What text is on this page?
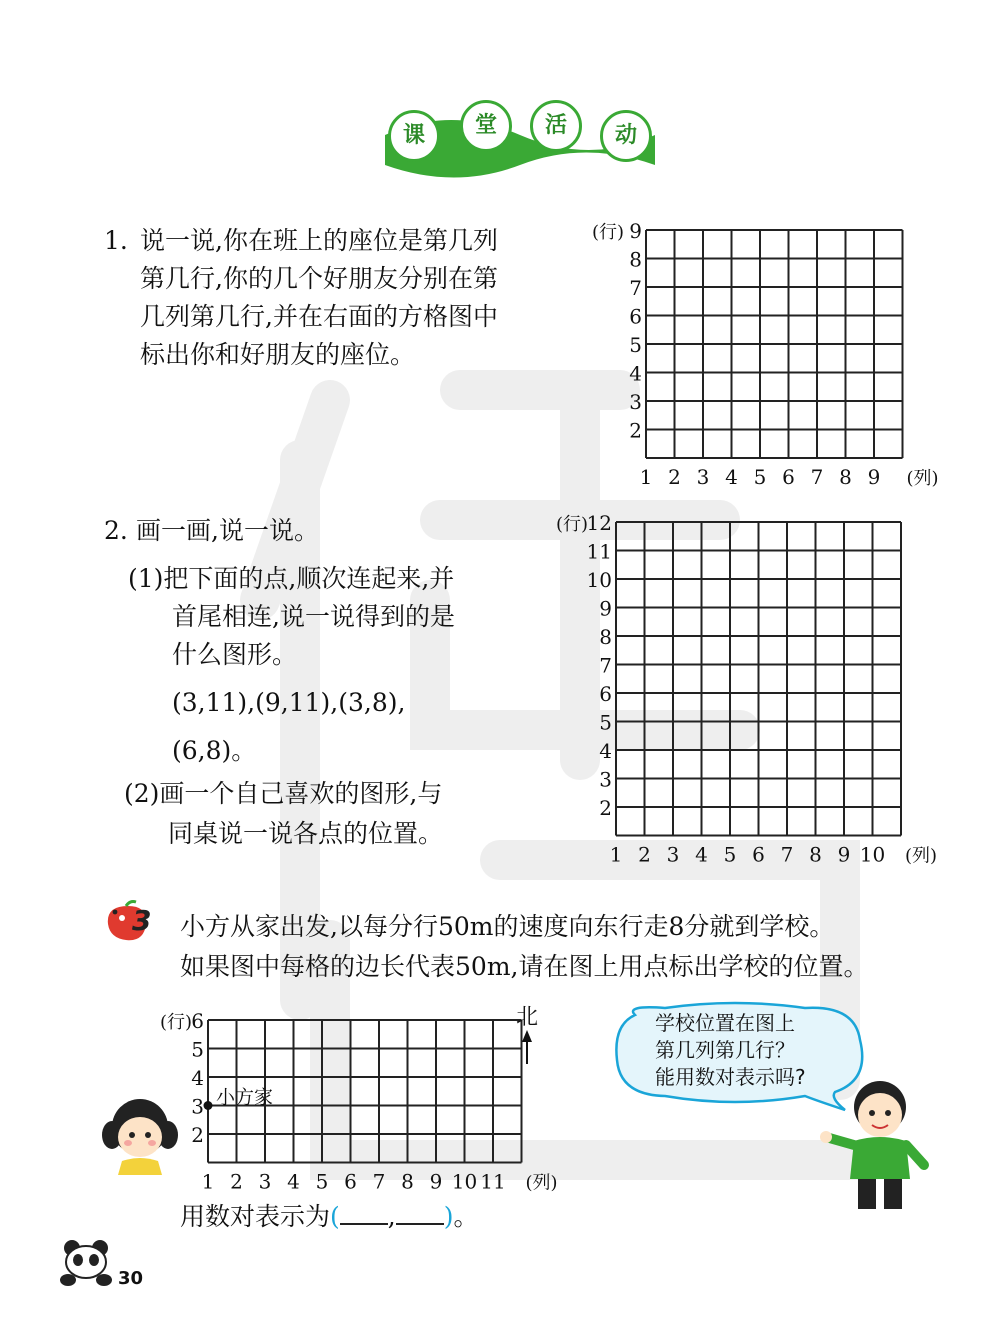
课	堂	活	动
1. 说一说,你在班上的座位是第几列
第几行,你的几个好朋友分别在第
几列第几行,并在右面的方格图中
标出你和好朋友的座位。
9
8
7
6
5
4
3
2
1 2 3 4 5 6 7 8 9
(行)
(列)
2. 画一画,说一说。
(1)把下面的点,顺次连起来,并
首尾相连,说一说得到的是
什么图形。
(3,11),(9,11),(3,8),
(6,8)。
(2)画一个自己喜欢的图形,与
同桌说一说各点的位置。
12
11
10
9
8
7
6
5
4
3
2
1 2 3 4 5 6 7 8 9 10
(行)
(列)
3 小方从家出发,以每分行50m的速度向东行走8分就到学校。
如果图中每格的边长代表50m,请在图上用点标出学校的位置。
6
5
4
3
2
1 2 3 4 5 6 7 8 9 10 11
(行)
(列)
小方家
北	学校位置在图上
第几列第几行？
能用数对表示吗?
用数对表示为( , )。
30
